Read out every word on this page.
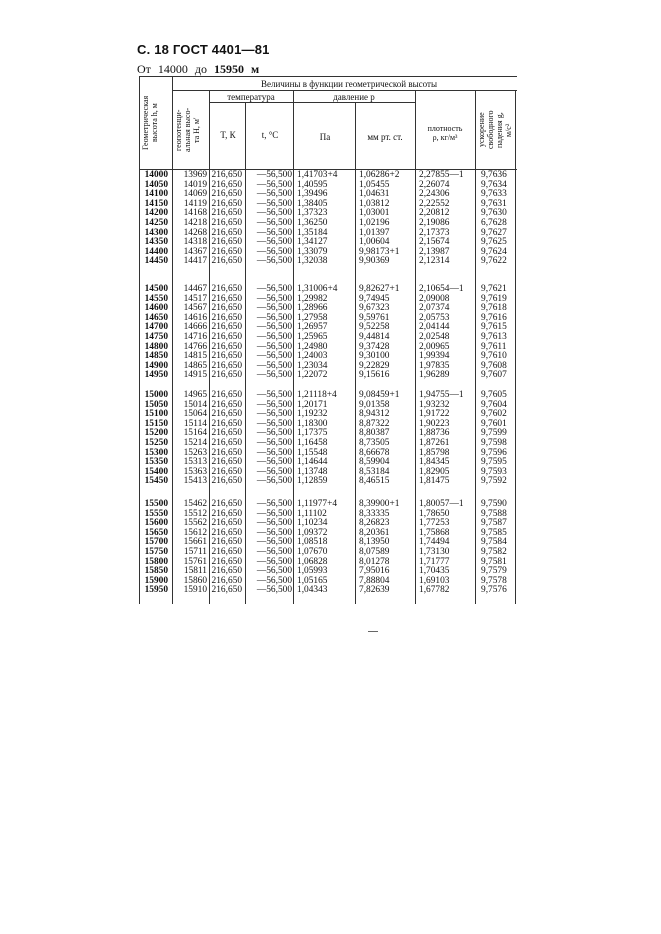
С. 18 ГОСТ 4401—81
От 14000 до 15950 м
Величины в функции геометрической высоты
температура	давление p
T, К	t, °С	Па	мм рт. ст.
плотность
ρ, кг/м³
Геометрическая
высота h, м
геопотенци-
альная высо-
та H, м'	ускорение
свободного
падения g,
м/с²
14000	13969 216,650	—56,500 1,41703+4	1,06286+2	2,27855—1	9,7636
14050	14019 216,650	—56,500 1,40595	1,05455	2,26074	9,7634
14100	14069 216,650	—56,500 1,39496	1,04631	2,24306	9,7633
14150	14119 216,650	—56,500 1,38405	1,03812	2,22552	9,7631
14200	14168 216,650	—56,500 1,37323	1,03001	2,20812	9,7630
14250	14218 216,650	—56,500 1,36250	1,02196	2,19086	6,7628
14300	14268 216,650	—56,500 1,35184	1,01397	2,17373	9,7627
14350	14318 216,650	—56,500 1,34127	1,00604	2,15674	9,7625
14400	14367 216,650	—56,500 1,33079	9,98173+1	2,13987	9,7624
14450	14417 216,650	—56,500 1,32038	9,90369	2,12314	9,7622
14500	14467 216,650	—56,500 1,31006+4	9,82627+1	2,10654—1	9,7621
14550	14517 216,650	—56,500 1,29982	9,74945	2,09008	9,7619
14600	14567 216,650	—56,500 1,28966	9,67323	2,07374	9,7618
14650	14616 216,650	—56,500 1,27958	9,59761	2,05753	9,7616
14700	14666 216,650	—56,500 1,26957	9,52258	2,04144	9,7615
14750	14716 216,650	—56,500 1,25965	9,44814	2,02548	9,7613
14800	14766 216,650	—56,500 1,24980	9,37428	2,00965	9,7611
14850	14815 216,650	—56,500 1,24003	9,30100	1,99394	9,7610
14900	14865 216,650	—56,500 1,23034	9,22829	1,97835	9,7608
14950	14915 216,650	—56,500 1,22072	9,15616	1,96289	9,7607
15000	14965 216,650	—56,500 1,21118+4	9,08459+1	1,94755—1	9,7605
15050	15014 216,650	—56,500 1,20171	9,01358	1,93232	9,7604
15100	15064 216,650	—56,500 1,19232	8,94312	1,91722	9,7602
15150	15114 216,650	—56,500 1,18300	8,87322	1,90223	9,7601
15200	15164 216,650	—56,500 1,17375	8,80387	1,88736	9,7599
15250	15214 216,650	—56,500 1,16458	8,73505	1,87261	9,7598
15300	15263 216,650	—56,500 1,15548	8,66678	1,85798	9,7596
15350	15313 216,650	—56,500 1,14644	8,59904	1,84345	9,7595
15400	15363 216,650	—56,500 1,13748	8,53184	1,82905	9,7593
15450	15413 216,650	—56,500 1,12859	8,46515	1,81475	9,7592
15500	15462 216,650	—56,500 1,11977+4	8,39900+1	1,80057—1	9,7590
15550	15512 216,650	—56,500 1,11102	8,33335	1,78650	9,7588
15600	15562 216,650	—56,500 1,10234	8,26823	1,77253	9,7587
15650	15612 216,650	—56,500 1,09372	8,20361	1,75868	9,7585
15700	15661 216,650	—56,500 1,08518	8,13950	1,74494	9,7584
15750	15711 216,650	—56,500 1,07670	8,07589	1,73130	9,7582
15800	15761 216,650	—56,500 1,06828	8,01278	1,71777	9,7581
15850	15811 216,650	—56,500 1,05993	7,95016	1,70435	9,7579
15900	15860 216,650	—56,500 1,05165	7,88804	1,69103	9,7578
15950	15910 216,650	—56,500 1,04343	7,82639	1,67782	9,7576
